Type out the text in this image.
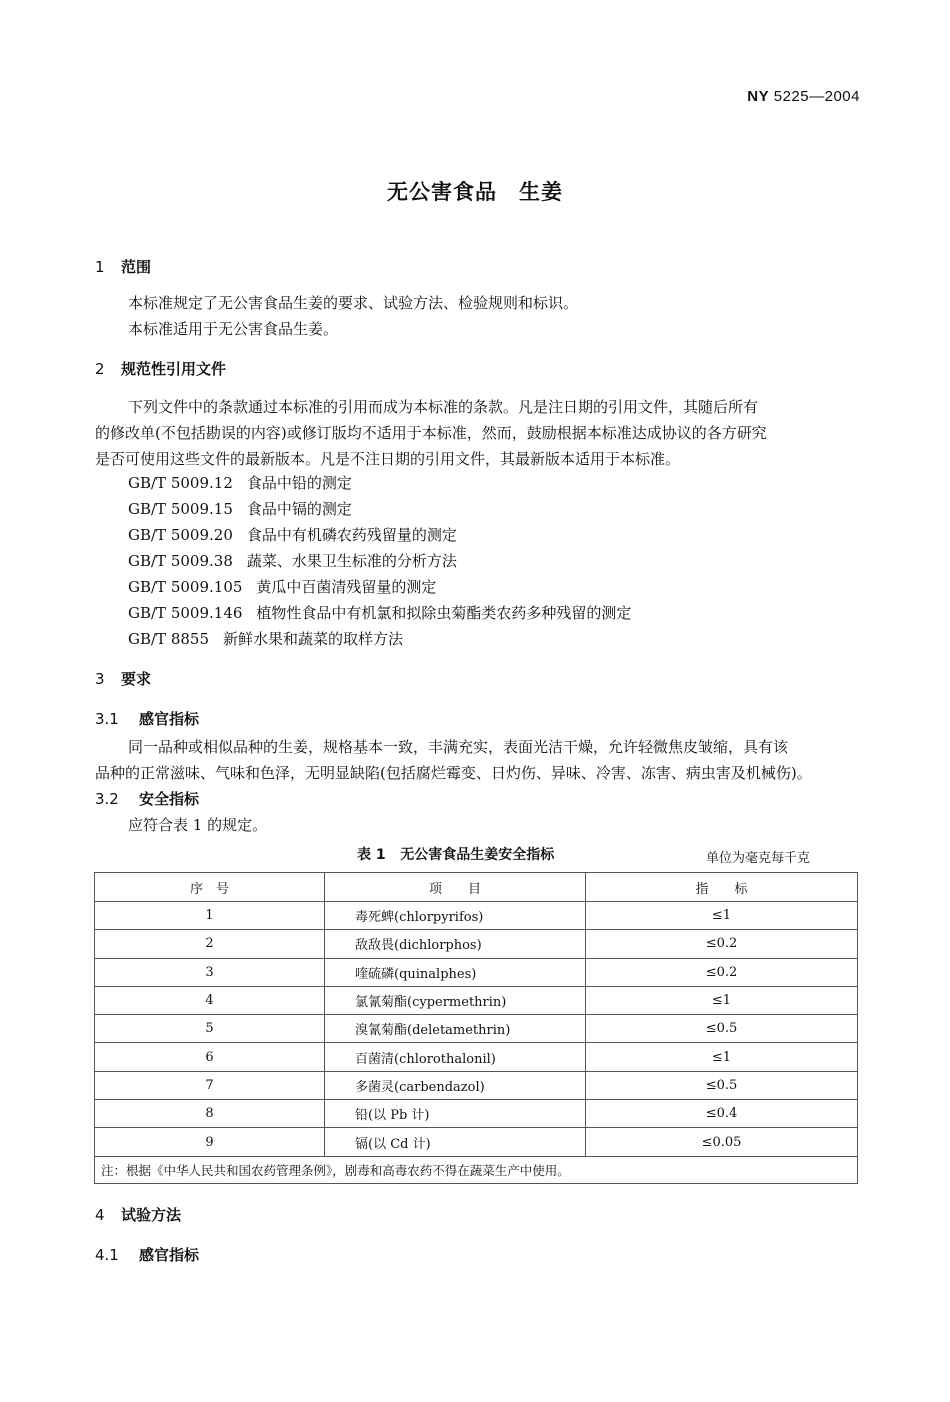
NY 5225—2004
无公害食品　生姜
1 范围
本标准规定了无公害食品生姜的要求、试验方法、检验规则和标识。
本标准适用于无公害食品生姜。
2 规范性引用文件
下列文件中的条款通过本标准的引用而成为本标准的条款。凡是注日期的引用文件，其随后所有
的修改单(不包括勘误的内容)或修订版均不适用于本标准，然而，鼓励根据本标准达成协议的各方研究
是否可使用这些文件的最新版本。凡是不注日期的引用文件，其最新版本适用于本标准。
GB/T 5009.12 食品中铅的测定
GB/T 5009.15 食品中镉的测定
GB/T 5009.20 食品中有机磷农药残留量的测定
GB/T 5009.38 蔬菜、水果卫生标准的分析方法
GB/T 5009.105 黄瓜中百菌清残留量的测定
GB/T 5009.146 植物性食品中有机氯和拟除虫菊酯类农药多种残留的测定
GB/T 8855 新鲜水果和蔬菜的取样方法
3 要求
3.1 感官指标
同一品种或相似品种的生姜，规格基本一致，丰满充实，表面光洁干燥，允许轻微焦皮皱缩，具有该
品种的正常滋味、气味和色泽，无明显缺陷(包括腐烂霉变、日灼伤、异味、冷害、冻害、病虫害及机械伤)。
3.2 安全指标
应符合表 1 的规定。
表 1 无公害食品生姜安全指标	单位为毫克每千克
序　号	项　　目	指　　标
1	毒死蜱(chlorpyrifos)	≤1
2	敌敌畏(dichlorphos)	≤0.2
3	喹硫磷(quinalphes)	≤0.2
4	氯氰菊酯(cypermethrin)	≤1
5	溴氰菊酯(deletamethrin)	≤0.5
6	百菌清(chlorothalonil)	≤1
7	多菌灵(carbendazol)	≤0.5
8	铅(以 Pb 计)	≤0.4
9	镉(以 Cd 计)	≤0.05
注：根据《中华人民共和国农药管理条例》，剧毒和高毒农药不得在蔬菜生产中使用。		
4 试验方法
4.1 感官指标
